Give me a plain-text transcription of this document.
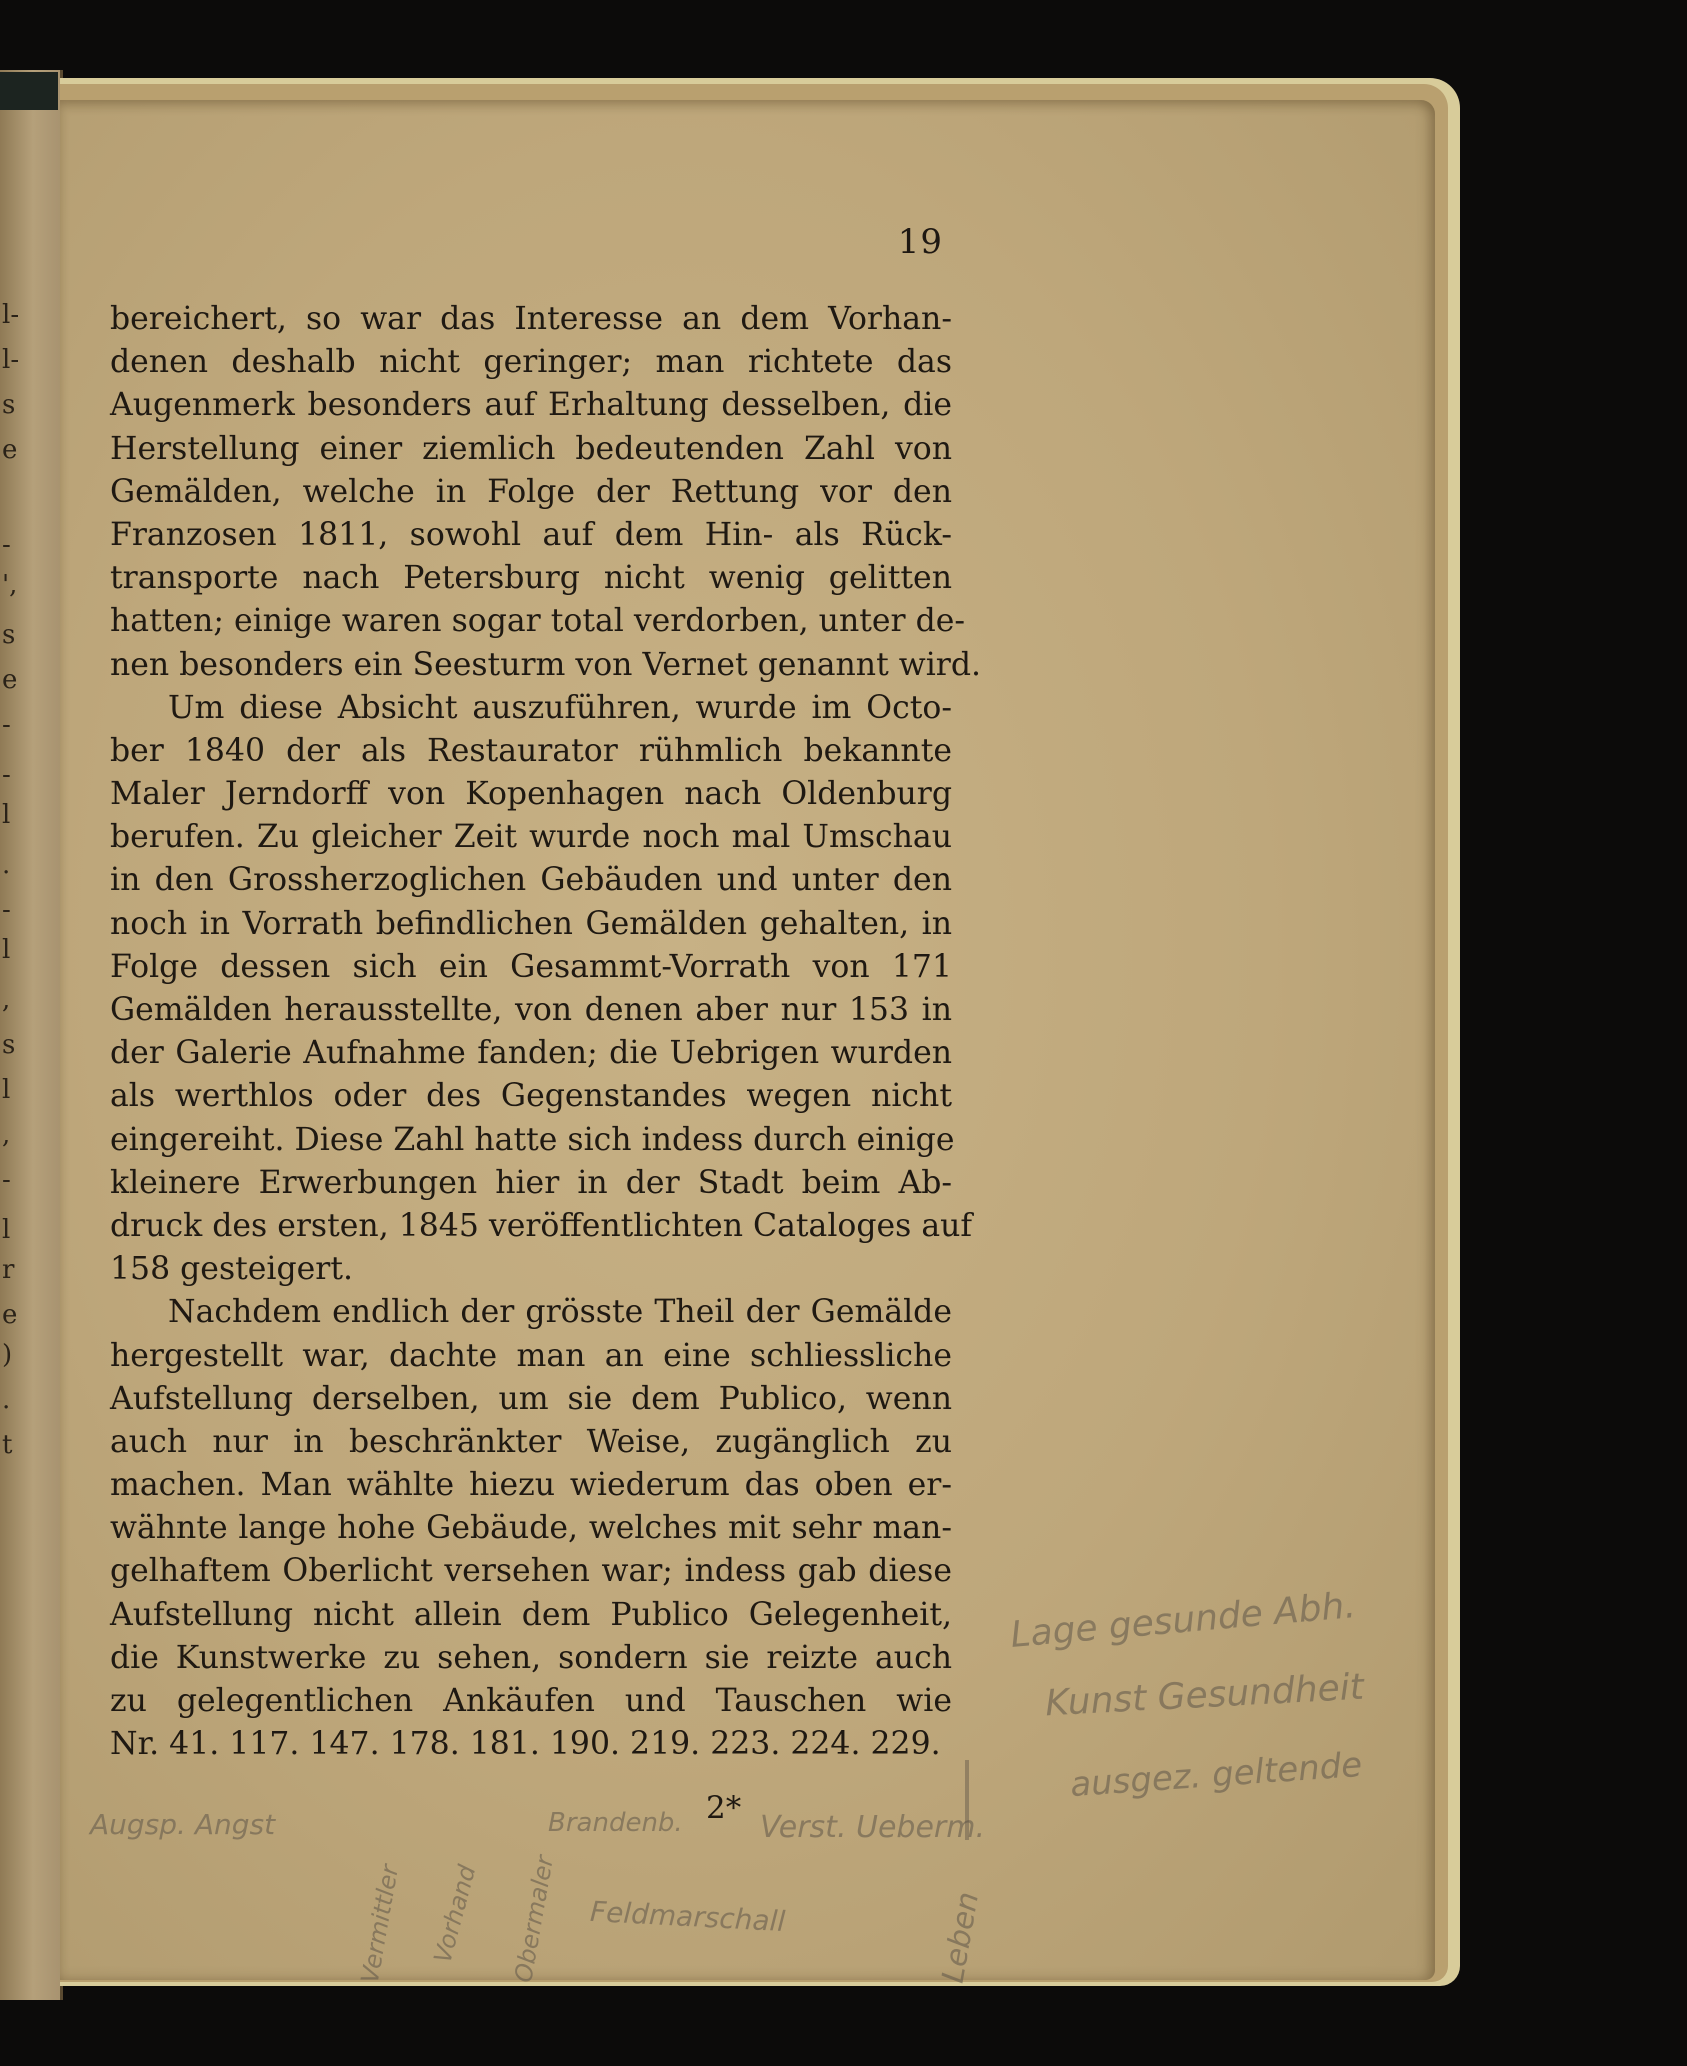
l-
l-
s
e
-
',
s
e
-
-
l
.
-
l
,
s
l
,
-
l
r
e
)
.
t
19
bereichert, so war das Interesse an dem Vorhan-
denen deshalb nicht geringer; man richtete das
Augenmerk besonders auf Erhaltung desselben, die
Herstellung einer ziemlich bedeutenden Zahl von
Gemälden, welche in Folge der Rettung vor den
Franzosen 1811, sowohl auf dem Hin- als Rück-
transporte nach Petersburg nicht wenig gelitten
hatten; einige waren sogar total verdorben, unter de-
nen besonders ein Seesturm von Vernet genannt wird.
Um diese Absicht auszuführen, wurde im Octo-
ber 1840 der als Restaurator rühmlich bekannte
Maler Jerndorff von Kopenhagen nach Oldenburg
berufen. Zu gleicher Zeit wurde noch mal Umschau
in den Grossherzoglichen Gebäuden und unter den
noch in Vorrath befindlichen Gemälden gehalten, in
Folge dessen sich ein Gesammt-Vorrath von 171
Gemälden herausstellte, von denen aber nur 153 in
der Galerie Aufnahme fanden; die Uebrigen wurden
als werthlos oder des Gegenstandes wegen nicht
eingereiht. Diese Zahl hatte sich indess durch einige
kleinere Erwerbungen hier in der Stadt beim Ab-
druck des ersten, 1845 veröffentlichten Cataloges auf
158 gesteigert.
Nachdem endlich der grösste Theil der Gemälde
hergestellt war, dachte man an eine schliessliche
Aufstellung derselben, um sie dem Publico, wenn
auch nur in beschränkter Weise, zugänglich zu
machen. Man wählte hiezu wiederum das oben er-
wähnte lange hohe Gebäude, welches mit sehr man-
gelhaftem Oberlicht versehen war; indess gab diese
Aufstellung nicht allein dem Publico Gelegenheit,
die Kunstwerke zu sehen, sondern sie reizte auch
zu gelegentlichen Ankäufen und Tauschen wie
Nr. 41. 117. 147. 178. 181. 190. 219. 223. 224. 229.
2*
Lage gesunde Abh.
Kunst Gesundheit
ausgez. geltende
Augsp. Angst	Brandenb.	Verst. Ueberm.
Feldmarschall
Vermittler Vorhand Obermaler	Leben
